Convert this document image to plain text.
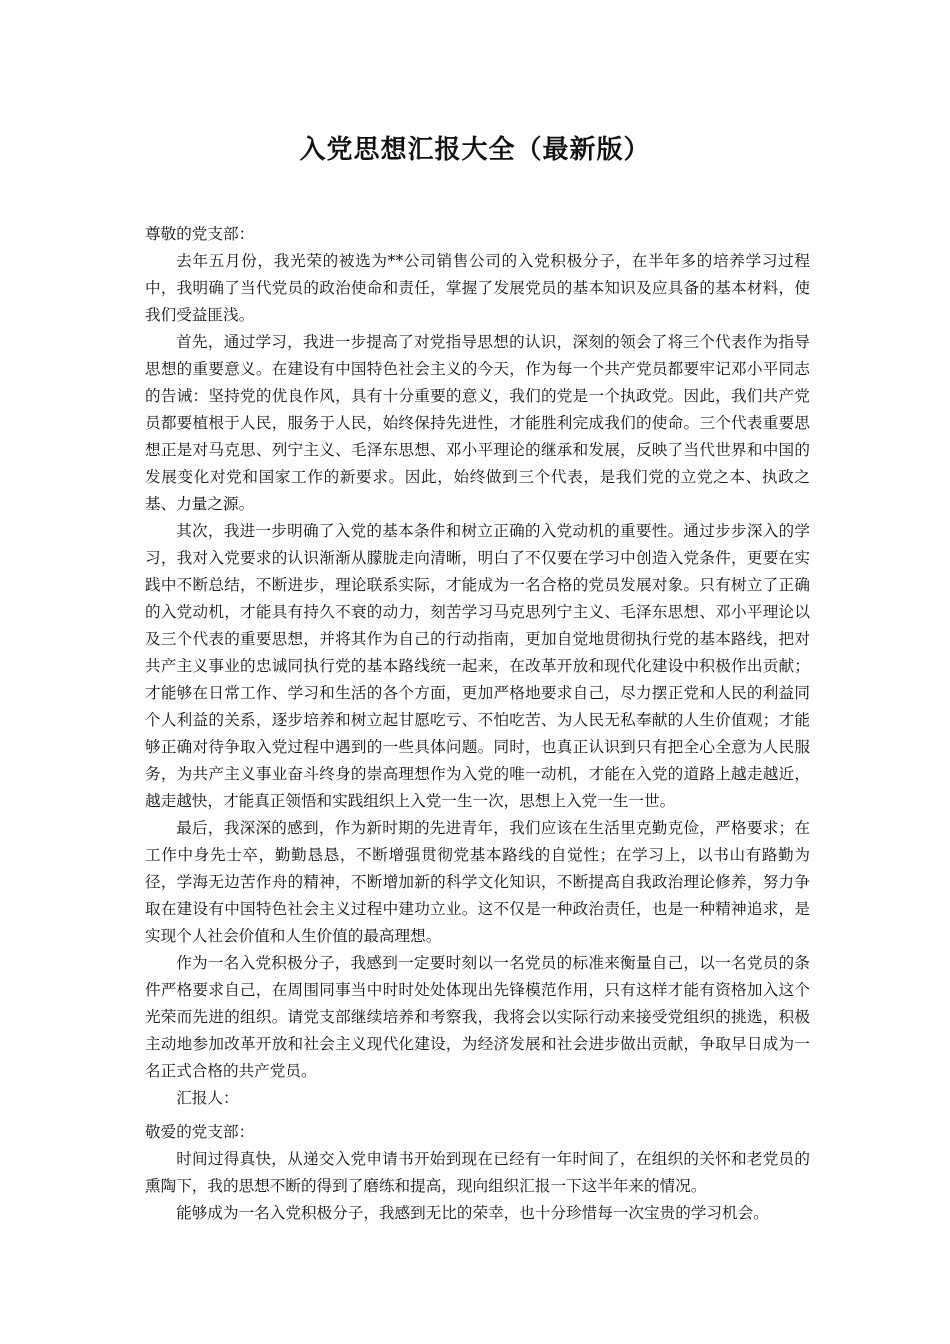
入党思想汇报大全（最新版）

尊敬的党支部：

去年五月份，我光荣的被选为**公司销售公司的入党积极分子，在半年多的培养学习过程中，我明确了当代党员的政治使命和责任，掌握了发展党员的基本知识及应具备的基本材料，使我们受益匪浅。

首先，通过学习，我进一步提高了对党指导思想的认识，深刻的领会了将三个代表作为指导思想的重要意义。在建设有中国特色社会主义的今天，作为每一个共产党员都要牢记邓小平同志的告诫：坚持党的优良作风，具有十分重要的意义，我们的党是一个执政党。因此，我们共产党员都要植根于人民，服务于人民，始终保持先进性，才能胜利完成我们的使命。三个代表重要思想正是对马克思、列宁主义、毛泽东思想、邓小平理论的继承和发展，反映了当代世界和中国的发展变化对党和国家工作的新要求。因此，始终做到三个代表，是我们党的立党之本、执政之基、力量之源。

其次，我进一步明确了入党的基本条件和树立正确的入党动机的重要性。通过步步深入的学习，我对入党要求的认识渐渐从朦胧走向清晰，明白了不仅要在学习中创造入党条件，更要在实践中不断总结，不断进步，理论联系实际，才能成为一名合格的党员发展对象。只有树立了正确的入党动机，才能具有持久不衰的动力，刻苦学习马克思列宁主义、毛泽东思想、邓小平理论以及三个代表的重要思想，并将其作为自己的行动指南，更加自觉地贯彻执行党的基本路线，把对共产主义事业的忠诚同执行党的基本路线统一起来，在改革开放和现代化建设中积极作出贡献；才能够在日常工作、学习和生活的各个方面，更加严格地要求自己，尽力摆正党和人民的利益同个人利益的关系，逐步培养和树立起甘愿吃亏、不怕吃苦、为人民无私奉献的人生价值观；才能够正确对待争取入党过程中遇到的一些具体问题。同时，也真正认识到只有把全心全意为人民服务，为共产主义事业奋斗终身的崇高理想作为入党的唯一动机，才能在入党的道路上越走越近，越走越快，才能真正领悟和实践组织上入党一生一次，思想上入党一生一世。

最后，我深深的感到，作为新时期的先进青年，我们应该在生活里克勤克俭，严格要求；在工作中身先士卒，勤勤恳恳，不断增强贯彻党基本路线的自觉性；在学习上，以书山有路勤为径，学海无边苦作舟的精神，不断增加新的科学文化知识，不断提高自我政治理论修养，努力争取在建设有中国特色社会主义过程中建功立业。这不仅是一种政治责任，也是一种精神追求，是实现个人社会价值和人生价值的最高理想。

作为一名入党积极分子，我感到一定要时刻以一名党员的标准来衡量自己，以一名党员的条件严格要求自己，在周围同事当中时时处处体现出先锋模范作用，只有这样才能有资格加入这个光荣而先进的组织。请党支部继续培养和考察我，我将会以实际行动来接受党组织的挑选，积极主动地参加改革开放和社会主义现代化建设，为经济发展和社会进步做出贡献，争取早日成为一名正式合格的共产党员。

汇报人：

敬爱的党支部：

时间过得真快，从递交入党申请书开始到现在已经有一年时间了，在组织的关怀和老党员的熏陶下，我的思想不断的得到了磨练和提高，现向组织汇报一下这半年来的情况。

能够成为一名入党积极分子，我感到无比的荣幸，也十分珍惜每一次宝贵的学习机会。
